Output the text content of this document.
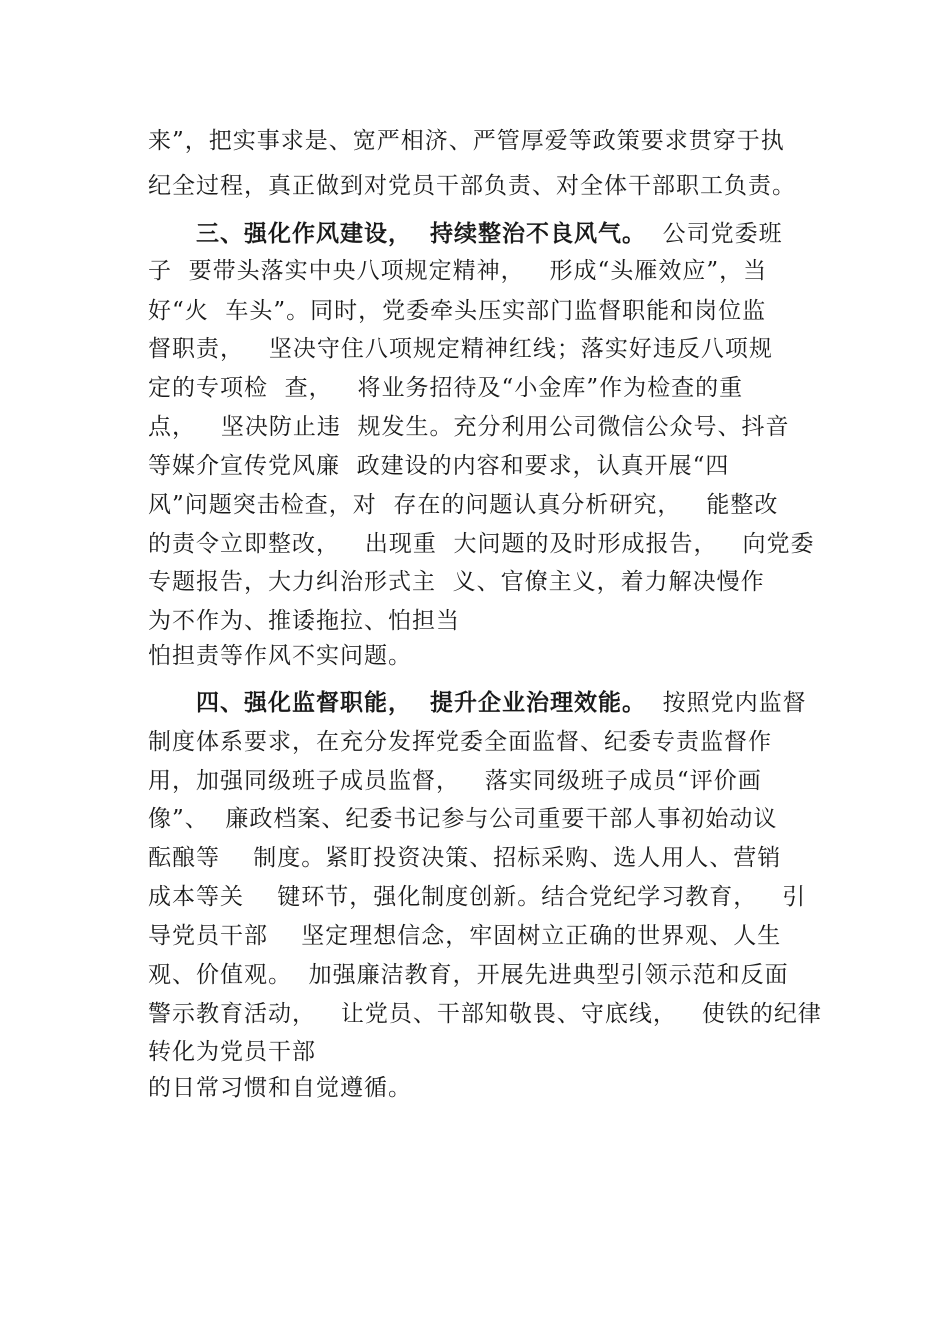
来”，把实事求是、宽严相济、严管厚爱等政策要求贯穿于执
纪全过程，真正做到对党员干部负责、对全体干部职工负责。
三、强化作风建设，  持续整治不良风气。  公司党委班
子  要带头落实中央八项规定精神，   形成“头雁效应”，当
好“火  车头”。同时，党委牵头压实部门监督职能和岗位监
督职责，   坚决守住八项规定精神红线；落实好违反八项规
定的专项检  查，   将业务招待及“小金库”作为检查的重
点，   坚决防止违  规发生。充分利用公司微信公众号、抖音
等媒介宣传党风廉  政建设的内容和要求，认真开展“四
风”问题突击检查，对  存在的问题认真分析研究，   能整改
的责令立即整改，   出现重  大问题的及时形成报告，   向党委
专题报告，大力纠治形式主  义、官僚主义，着力解决慢作
为不作为、推诿拖拉、怕担当
怕担责等作风不实问题。
四、强化监督职能，  提升企业治理效能。  按照党内监督
制度体系要求，在充分发挥党委全面监督、纪委专责监督作
用，加强同级班子成员监督，   落实同级班子成员“评价画
像”、  廉政档案、纪委书记参与公司重要干部人事初始动议
酝酿等    制度。紧盯投资决策、招标采购、选人用人、营销
成本等关    键环节，强化制度创新。结合党纪学习教育，   引
导党员干部    坚定理想信念，牢固树立正确的世界观、人生
观、价值观。  加强廉洁教育，开展先进典型引领示范和反面
警示教育活动，   让党员、干部知敬畏、守底线，   使铁的纪律
转化为党员干部
的日常习惯和自觉遵循。
